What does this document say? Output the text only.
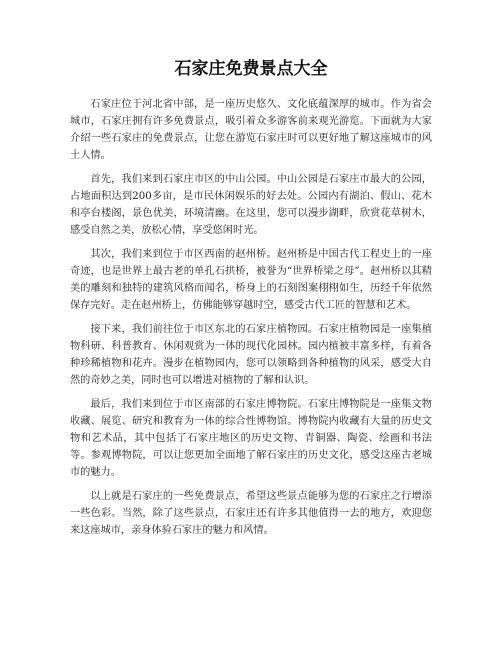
石家庄免费景点大全

石家庄位于河北省中部，是一座历史悠久、文化底蕴深厚的城市。作为省会城市，石家庄拥有许多免费景点，吸引着众多游客前来观光游览。下面就为大家介绍一些石家庄的免费景点，让您在游览石家庄时可以更好地了解这座城市的风土人情。

首先，我们来到石家庄市区的中山公园。中山公园是石家庄市最大的公园，占地面积达到200多亩，是市民休闲娱乐的好去处。公园内有湖泊、假山、花木和亭台楼阁，景色优美，环境清幽。在这里，您可以漫步湖畔，欣赏花草树木，感受自然之美，放松心情，享受悠闲时光。

其次，我们来到位于市区西南的赵州桥。赵州桥是中国古代工程史上的一座奇迹，也是世界上最古老的单孔石拱桥，被誉为“世界桥梁之母”。赵州桥以其精美的雕刻和独特的建筑风格而闻名，桥身上的石刻图案栩栩如生，历经千年依然保存完好。走在赵州桥上，仿佛能够穿越时空，感受古代工匠的智慧和艺术。

接下来，我们前往位于市区东北的石家庄植物园。石家庄植物园是一座集植物科研、科普教育、休闲观赏为一体的现代化园林。园内植被丰富多样，有着各种珍稀植物和花卉。漫步在植物园内，您可以领略到各种植物的风采，感受大自然的奇妙之美，同时也可以增进对植物的了解和认识。

最后，我们来到位于市区南部的石家庄博物院。石家庄博物院是一座集文物收藏、展览、研究和教育为一体的综合性博物馆。博物院内收藏有大量的历史文物和艺术品，其中包括了石家庄地区的历史文物、青铜器、陶瓷、绘画和书法等。参观博物院，可以让您更加全面地了解石家庄的历史文化，感受这座古老城市的魅力。

以上就是石家庄的一些免费景点，希望这些景点能够为您的石家庄之行增添一些色彩。当然，除了这些景点，石家庄还有许多其他值得一去的地方，欢迎您来这座城市，亲身体验石家庄的魅力和风情。
